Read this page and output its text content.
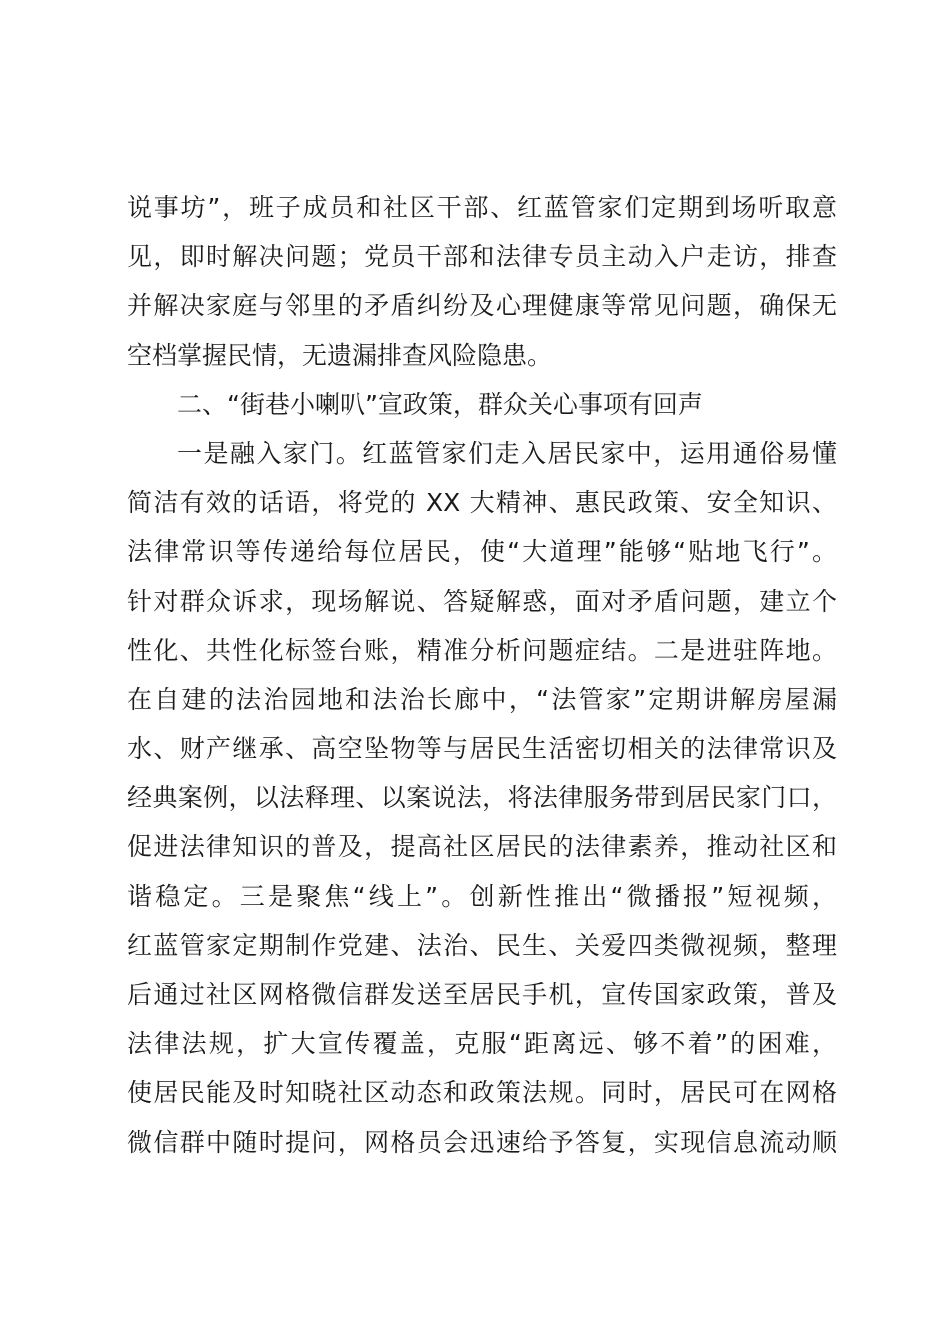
说事坊”，班子成员和社区干部、红蓝管家们定期到场听取意
见，即时解决问题；党员干部和法律专员主动入户走访，排查
并解决家庭与邻里的矛盾纠纷及心理健康等常见问题，确保无
空档掌握民情，无遗漏排查风险隐患。
二、“街巷小喇叭”宣政策，群众关心事项有回声
一是融入家门。红蓝管家们走入居民家中，运用通俗易懂
简洁有效的话语，将党的 XX 大精神、惠民政策、安全知识、
法律常识等传递给每位居民，使“大道理”能够“贴地飞行”。
针对群众诉求，现场解说、答疑解惑，面对矛盾问题，建立个
性化、共性化标签台账，精准分析问题症结。二是进驻阵地。
在自建的法治园地和法治长廊中，“法管家”定期讲解房屋漏
水、财产继承、高空坠物等与居民生活密切相关的法律常识及
经典案例，以法释理、以案说法，将法律服务带到居民家门口，
促进法律知识的普及，提高社区居民的法律素养，推动社区和
谐稳定。三是聚焦“线上”。创新性推出“微播报”短视频，
红蓝管家定期制作党建、法治、民生、关爱四类微视频，整理
后通过社区网格微信群发送至居民手机，宣传国家政策，普及
法律法规，扩大宣传覆盖，克服“距离远、够不着”的困难，
使居民能及时知晓社区动态和政策法规。同时，居民可在网格
微信群中随时提问，网格员会迅速给予答复，实现信息流动顺
